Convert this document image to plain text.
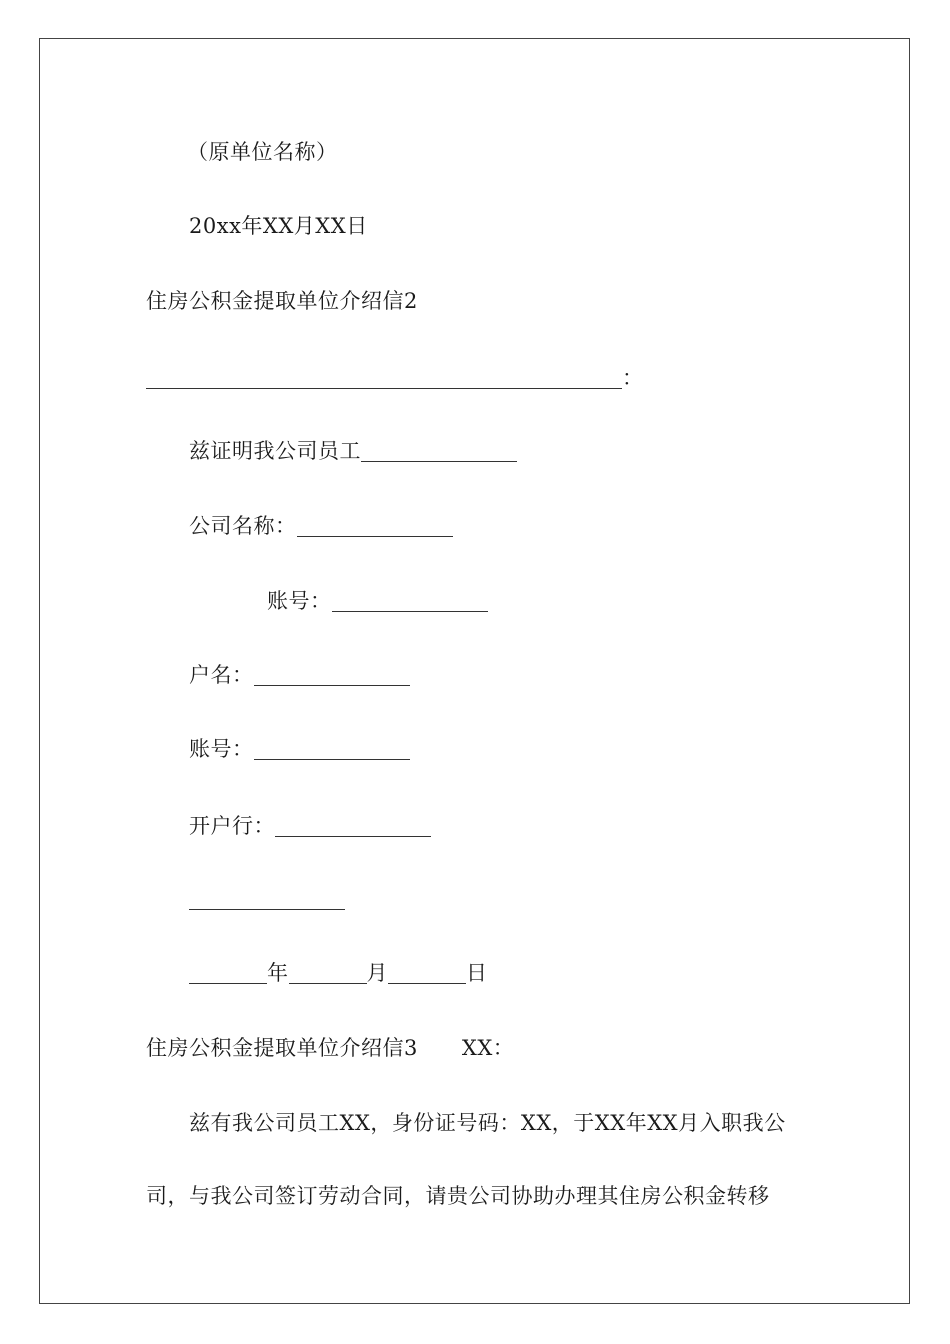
（原单位名称）
20xx年XX月XX日
住房公积金提取单位介绍信2
：
兹证明我公司员工
公司名称：
账号：
户名：
账号：
开户行：
年	月	日
住房公积金提取单位介绍信3 XX：
兹有我公司员工XX，身份证号码：XX，于XX年XX月入职我公
司，与我公司签订劳动合同，请贵公司协助办理其住房公积金转移
